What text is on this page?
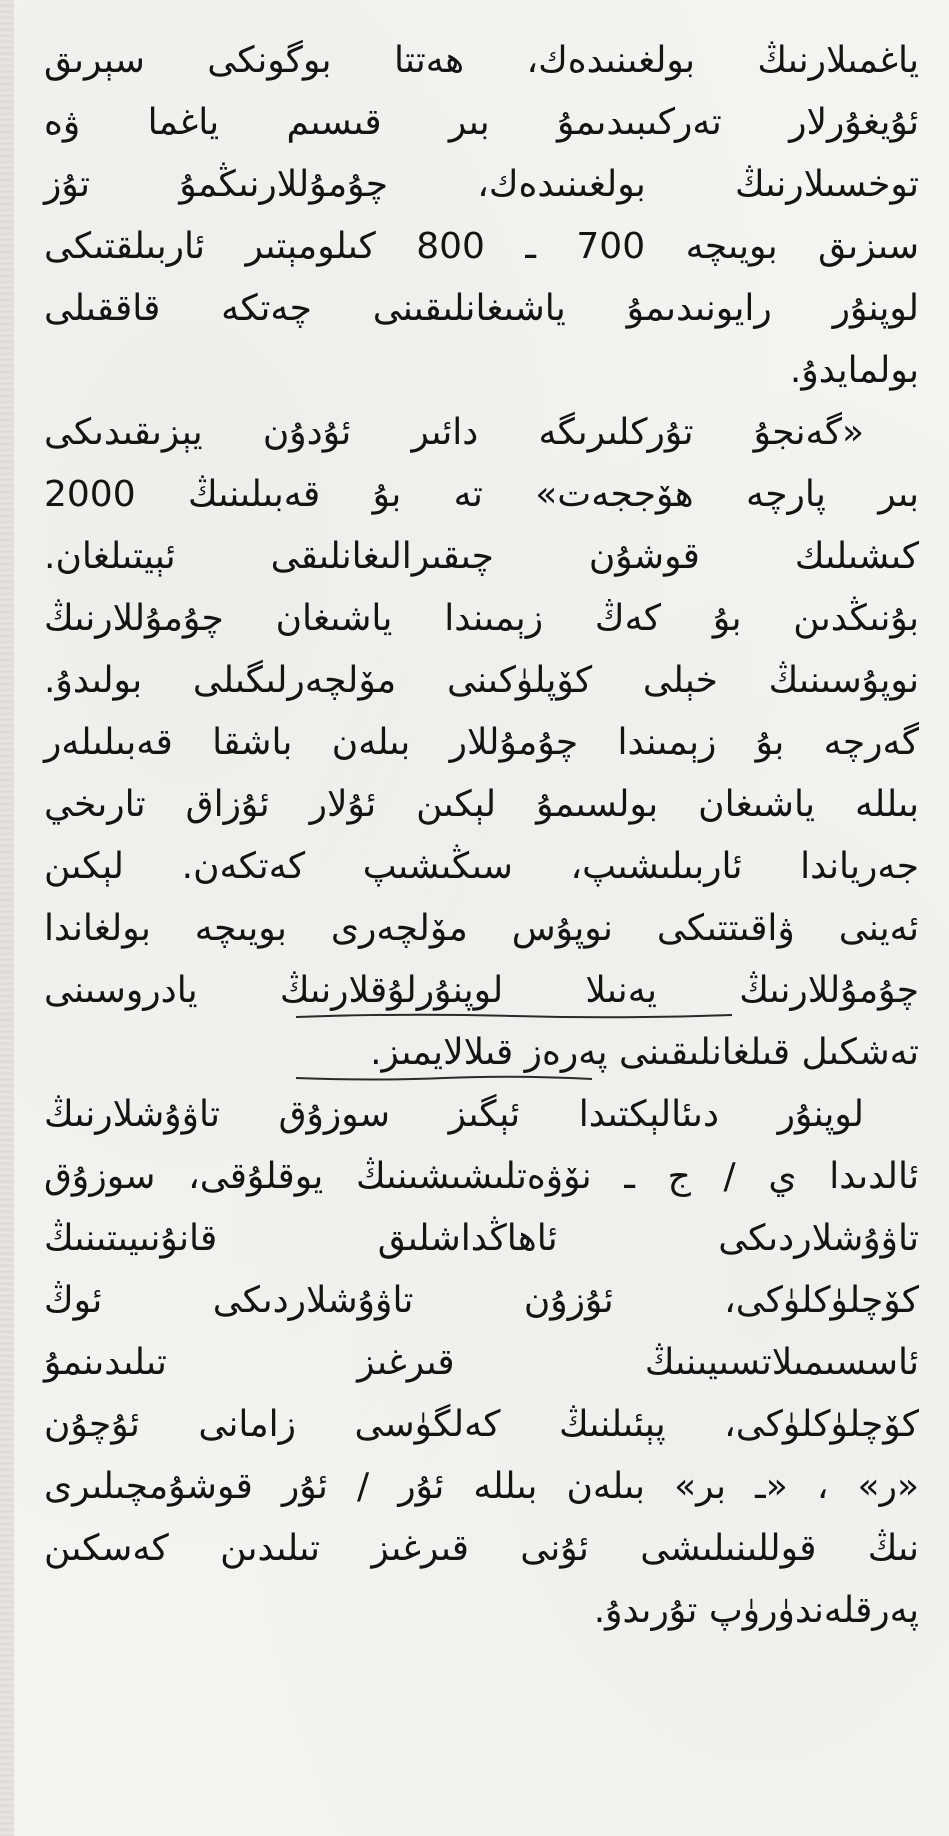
ياغمىلارنىڭ بولغىنىدەك، ھەتتا بوگونكى سېرىق
ئۇيغۇرلار تەركىبىدىمۇ بىر قىسىم ياغما ۋە
توخسىلارنىڭ بولغىنىدەك، چۇمۇللارنىڭمۇ تۇز
سىزىق بويىچە 700 ـ 800 كىلومېتىر ئاربىلقتىكى
لوپنۇر رايونىدىمۇ ياشىغانلىقىنى چەتكە قاققىلى
بولمايدۇ.
«گەنجۇ تۇركلىرىگە دائىر ئۇدۇن يېزىقىدىكى
بىر پارچە ھۆججەت» تە بۇ قەبىلىنىڭ 2000
كىشىلىك قوشۇن چىقىرالىغانلىقى ئېيتىلغان.
بۇنىڭدىن بۇ كەڭ زېمىندا ياشىغان چۇمۇللارنىڭ
نوپۇسىنىڭ خېلى كۆپلۈكىنى مۆلچەرلىگىلى بولىدۇ.
گەرچە بۇ زېمىندا چۇمۇللار بىلەن باشقا قەبىلىلەر
بىللە ياشىغان بولسىمۇ لېكىن ئۇلار ئۇزاق تارىخي
جەرياندا ئاربىلىشىپ، سىڭىشىپ كەتكەن. لېكىن
ئەينى ۋاقىتتىكى نوپۇس مۆلچەرى بويىچە بولغاندا
چۇمۇللارنىڭ يەنىلا لوپنۇرلۇقلارنىڭ يادروسىنى
تەشكىل قىلغانلىقىنى پەرەز قىلالايمىز.
لوپنۇر دىئالېكتىدا ئېگىز سوزۇق تاۋۇشلارنىڭ
ئالدىدا ي / ج ـ نۆۋەتلىشىشىنىڭ يوقلۇقى، سوزۇق
تاۋۇشلاردىكى ئاھاڭداشلىق قانۇنىيىتىنىڭ
كۆچلۈكلۈكى، ئۇزۇن تاۋۇشلاردىكى ئوڭ
ئاسسىمىلاتسىيىنىڭ قىرغىز تىلىدىنمۇ
كۆچلۈكلۈكى، پېئىلنىڭ كەلگۈسى زامانى ئۇچۇن
«ر» ، «ـ بر» بىلەن بىللە ئۇر / ئۇر قوشۇمچىلىرى
نىڭ قوللىنىلىشى ئۇنى قىرغىز تىلىدىن كەسكىن
پەرقلەندۈرۈپ تۇرىدۇ.
